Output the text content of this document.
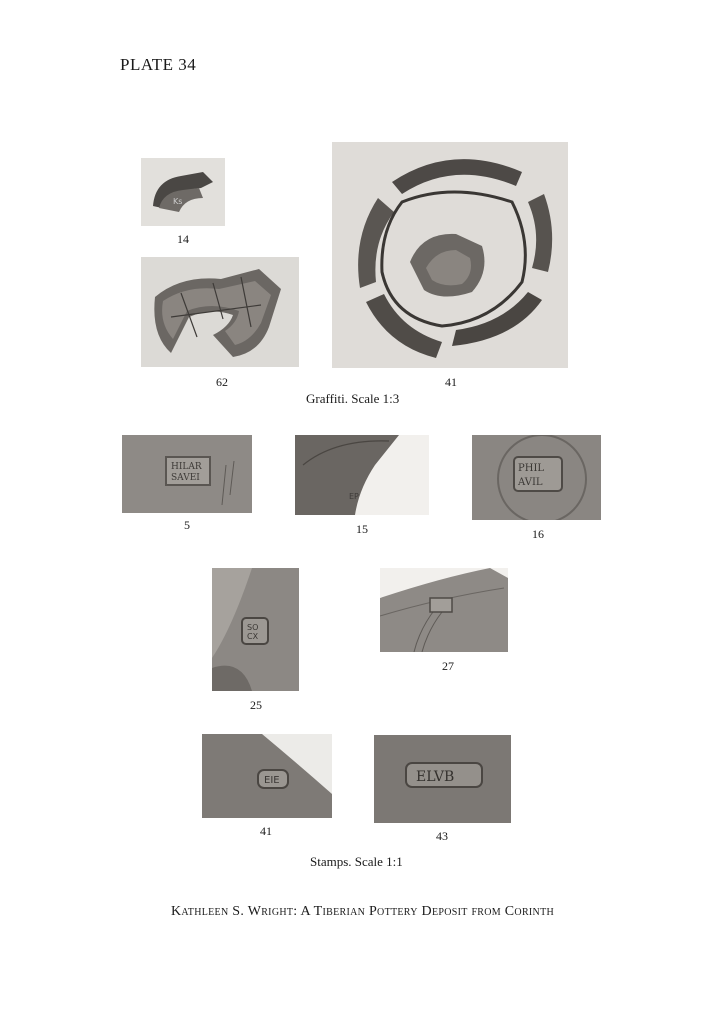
PLATE 34
Ks
14
62	41
Graffiti. Scale 1:3
HILAR
SAVEI
5
EP
15
PHIL
AVIL
16
SO
CX
25
27
EIE
41
ELVB
43
Stamps. Scale 1:1
Kathleen S. Wright: A Tiberian Pottery Deposit from Corinth
